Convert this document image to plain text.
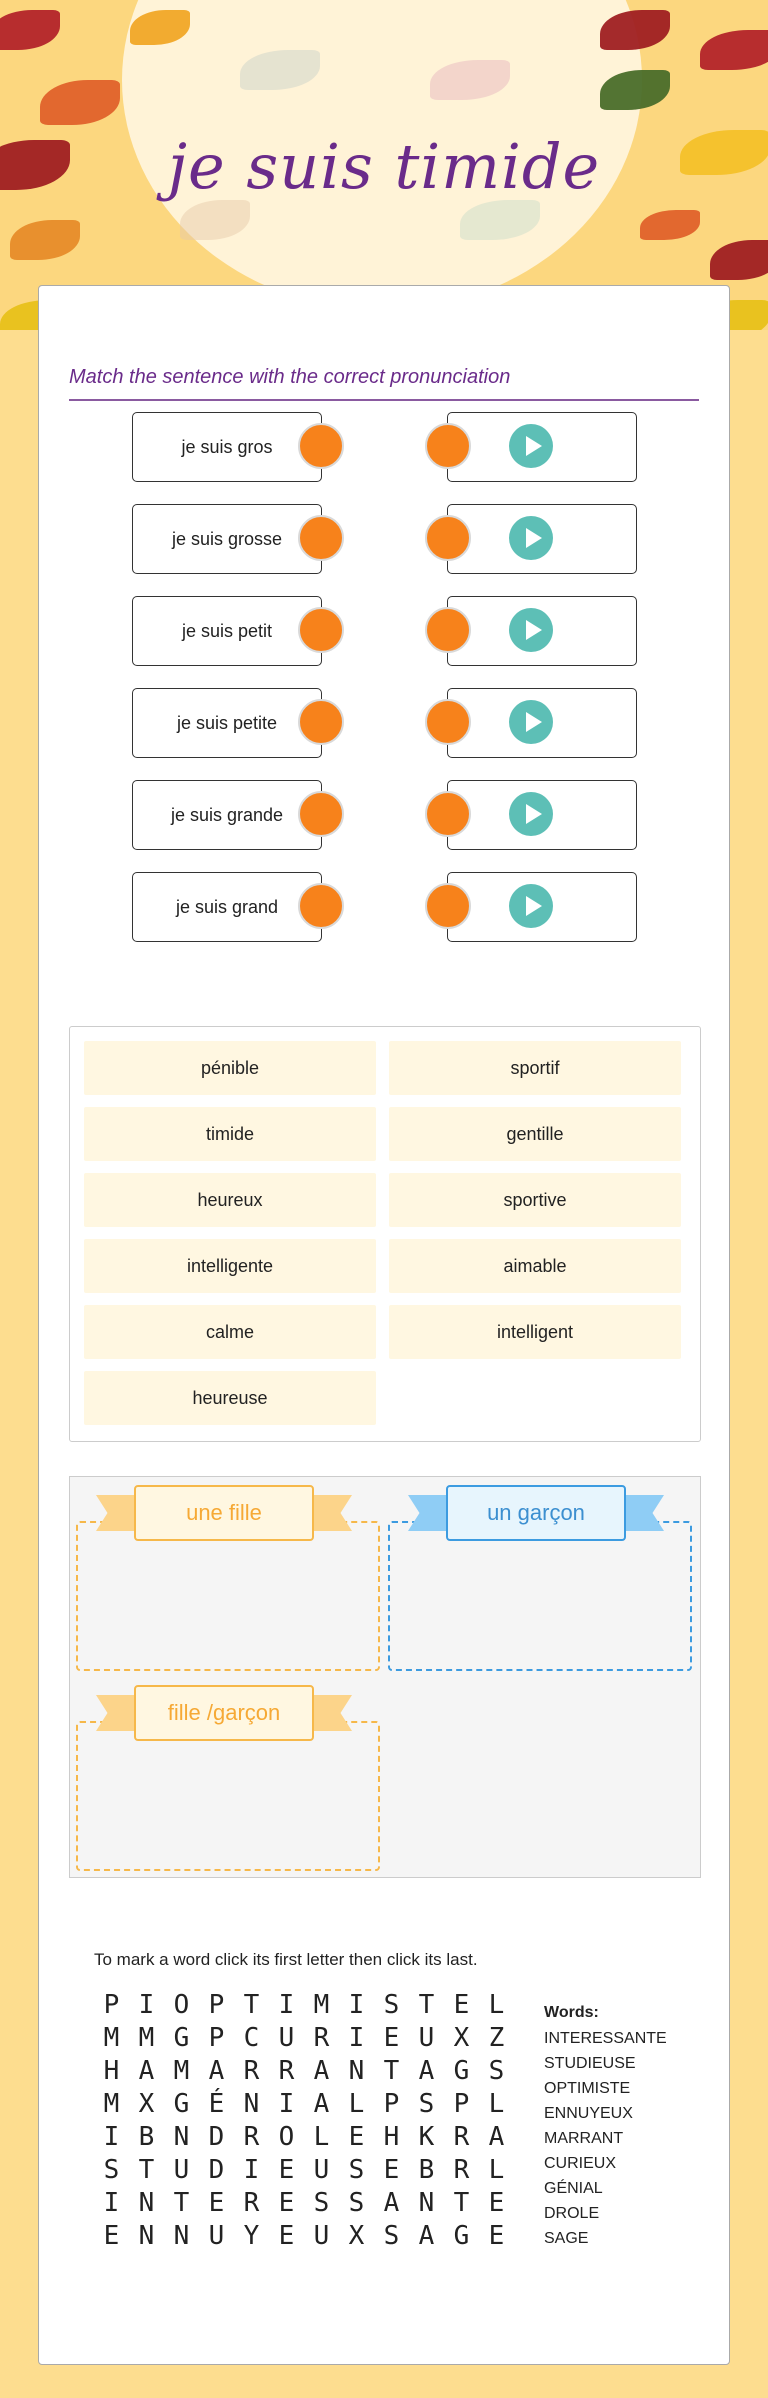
je suis timide
Match the sentence with the correct pronunciation
je suis gros
je suis grosse
je suis petit
je suis petite
je suis grande
je suis grand
pénible	sportif
timide	gentille
heureux	sportive
intelligente	aimable
calme	intelligent
heureuse
une fille	un garçon
fille /garçon
To mark a word click its first letter then click its last.
P I O P T I M I S T E L
M M G P C U R I E U X Z
H A M A R R A N T A G S
M X G É N I A L P S P L
I B N D R O L E H K R A
S T U D I E U S E B R L
I N T E R E S S A N T E
E N N U Y E U X S A G E
Words:
INTERESSANTE
STUDIEUSE
OPTIMISTE
ENNUYEUX
MARRANT
CURIEUX
GÉNIAL
DROLE
SAGE
